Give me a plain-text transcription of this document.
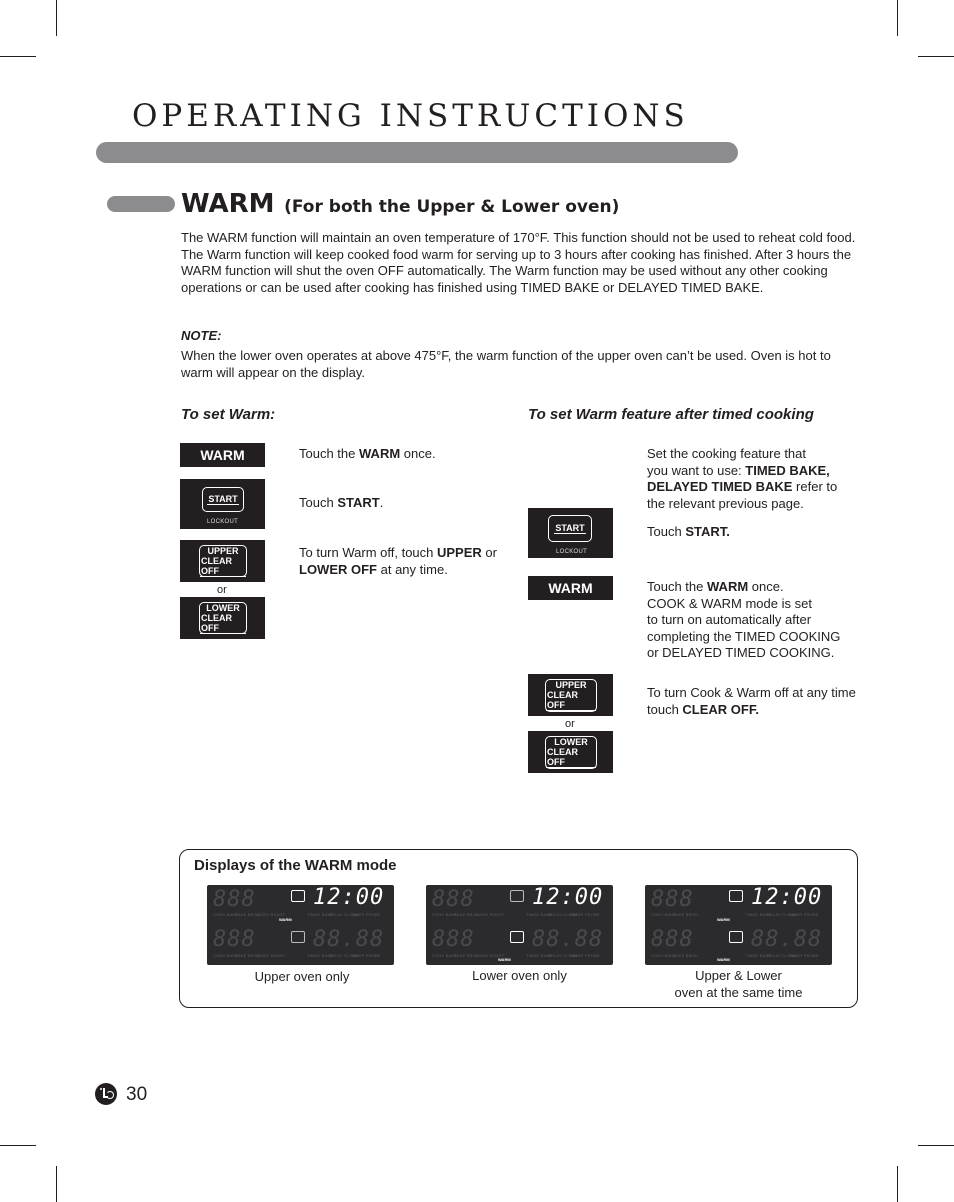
OPERATING INSTRUCTIONS
WARM (For both the Upper & Lower oven)
The WARM function will maintain an oven temperature of 170°F. This function should not be used to reheat cold food. The Warm function will keep cooked food warm for serving up to 3 hours after cooking has finished. After 3 hours the WARM function will shut the oven OFF automatically. The Warm function may be used without any other cooking operations or can be used after cooking has finished using TIMED BAKE or DELAYED TIMED BAKE.
NOTE:
When the lower oven operates at above 475°F, the warm function of the upper oven can’t be used. Oven is hot to warm will appear on the display.
To set Warm:
WARM	Touch the WARM once.
START
LOCKOUT
Touch START.
UPPER
CLEAR OFF
or
LOWER
CLEAR OFF
To turn Warm off, touch UPPER or LOWER OFF at any time.
To set Warm feature after timed cooking
Set the cooking feature that
you want to use: TIMED BAKE,
DELAYED TIMED BAKE refer to the relevant previous page.
START
LOCKOUT
Touch START.
WARM	Touch the WARM once.
COOK & WARM mode is set
to turn on automatically after
completing the TIMED COOKING
or DELAYED TIMED COOKING.
UPPER
CLEAR OFF
or
LOWER
CLEAR OFF
To turn Cook & Warm off at any time touch CLEAR OFF.
Displays of the WARM mode
888	12:00
CONV BAKE
BAKE BROIL
CONV ROAST
WARM
TIMED BAKE
DELAY CLEAN
TIMER PROBE
888	88.88
CONV BAKE
BAKE BROIL
CONV ROAST	TIMED BAKE
DELAY CLEAN
TIMER PROBE
Upper oven only
888	12:00
CONV BAKE
BAKE BROIL
CONV ROAST	TIMED BAKE
DELAY CLEAN
TIMER PROBE
888	88.88
CONV BAKE
BAKE BROIL
CONV ROAST
WARM
TIMED BAKE
DELAY CLEAN
TIMER PROBE
Lower oven only
888	12:00
CONV BAKE
BAKE BROIL
WARM
TIMED BAKE
DELAY CLEAN
TIMER PROBE
888	88.88
CONV BAKE
BAKE BROIL
WARM
TIMED BAKE
DELAY CLEAN
TIMER PROBE
Upper & Lower
oven at the same time
30
